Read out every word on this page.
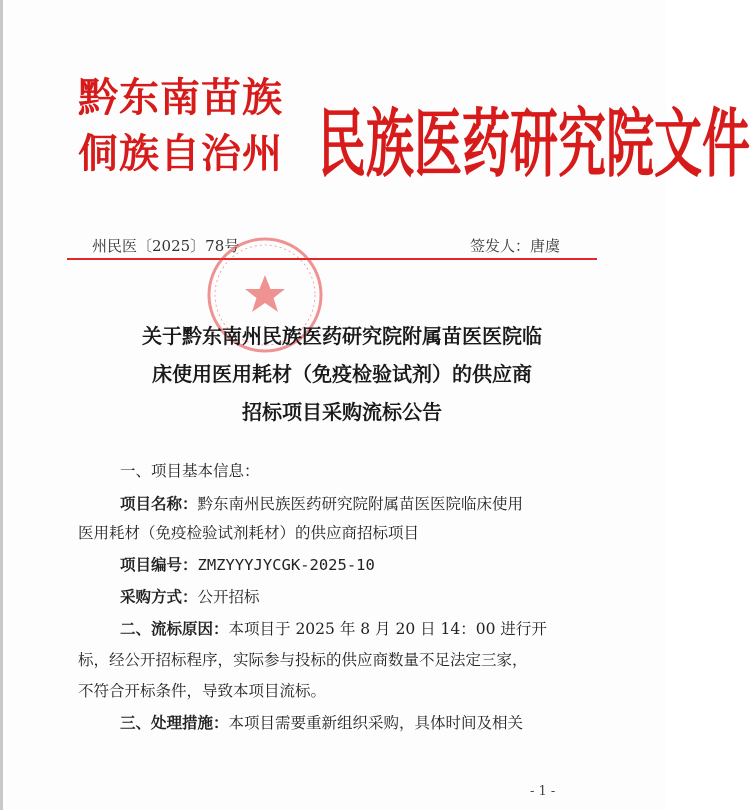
黔东南苗族
侗族自治州 民族医药研究院文件
州民医〔2025〕78号	签发人：唐虞
关于黔东南州民族医药研究院附属苗医医院临
床使用医用耗材（免疫检验试剂）的供应商
招标项目采购流标公告
一、项目基本信息：
项目名称：黔东南州民族医药研究院附属苗医医院临床使用
医用耗材（免疫检验试剂耗材）的供应商招标项目
项目编号：ZMZYYYJYCGK-2025-10
采购方式：公开招标
二、流标原因：本项目于 2025 年 8 月 20 日 14：00 进行开
标，经公开招标程序，实际参与投标的供应商数量不足法定三家，
不符合开标条件，导致本项目流标。
三、处理措施：本项目需要重新组织采购，具体时间及相关
- 1 -
